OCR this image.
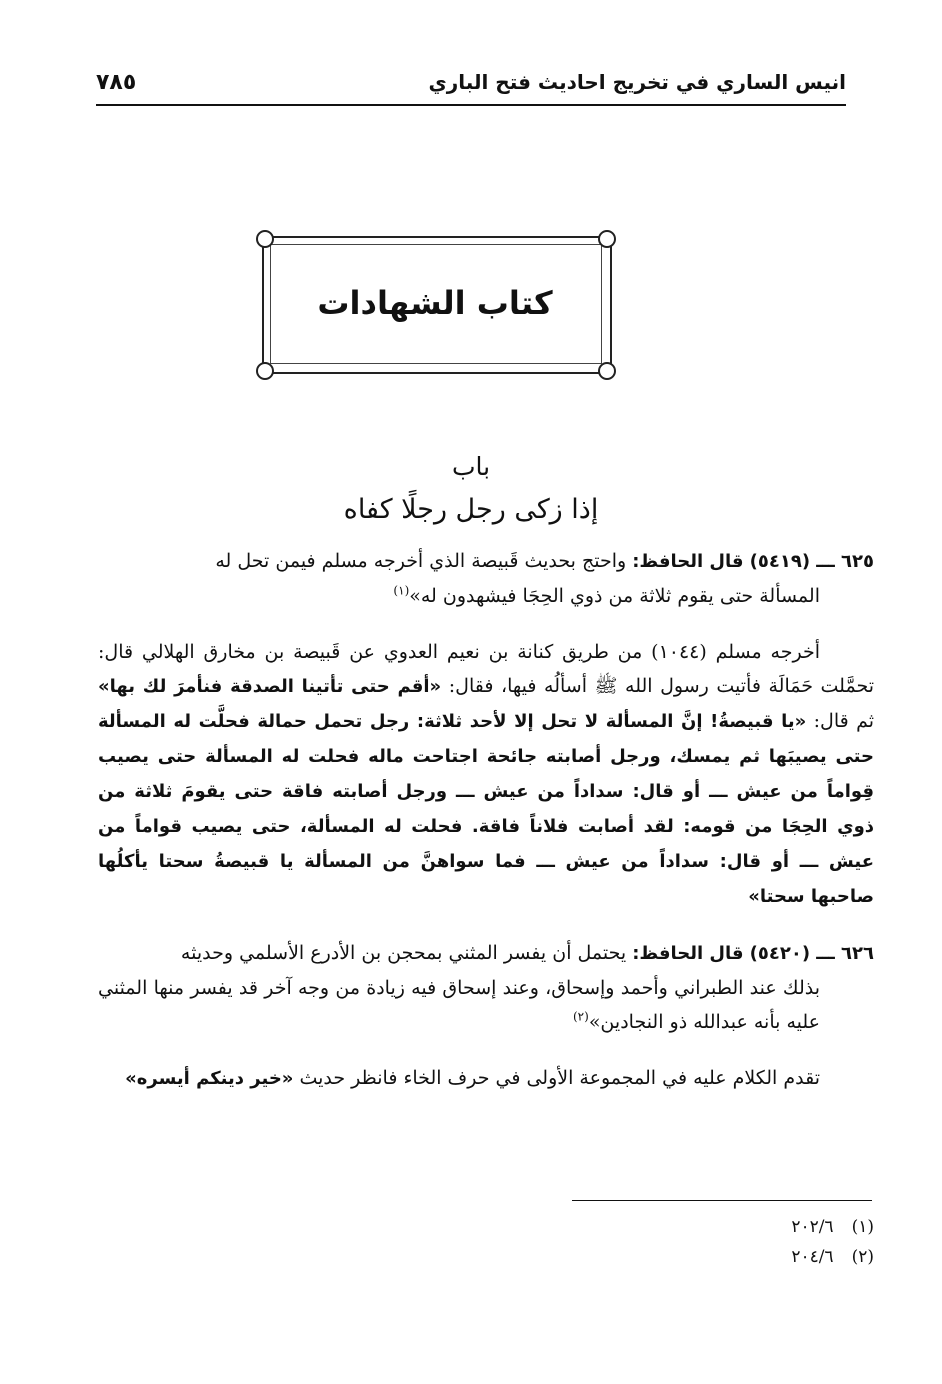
انيس الساري في تخريج احاديث فتح الباري
٧٨٥
كتاب الشهادات
باب
إذا زكى رجل رجلًا كفاه

٦٢٥ ـــ (٥٤١٩) قال الحافظ: واحتج بحديث قَبيصة الذي أخرجه مسلم فيمن تحل له
المسألة حتى يقوم ثلاثة من ذوي الحِجَا فيشهدون له»$^{(١)}$

أخرجه مسلم (١٠٤٤) من طريق كنانة بن نعيم العدوي عن قَبيصة بن مخارق الهلالي قال: تحمَّلت حَمَالَة فأتيت رسول الله ﷺ أسألُه فيها، فقال: «أقم حتى تأتينا الصدقة فنأمرَ لك بها» ثم قال: «يا قبيصةُ! إنَّ المسألة لا تحل إلا لأحد ثلاثة: رجل تحمل حمالة فحلَّت له المسألة حتى يصيبَها ثم يمسك، ورجل أصابته جائحة اجتاحت ماله فحلت له المسألة حتى يصيب قِواماً من عيش ـــ أو قال: سداداً من عيش ـــ ورجل أصابته فاقة حتى يقومَ ثلاثة من ذوي الحِجَا من قومه: لقد أصابت فلاناً فاقة. فحلت له المسألة، حتى يصيب قواماً من عيش ـــ أو قال: سداداً من عيش ـــ فما سواهنَّ من المسألة يا قبيصةُ سحتا يأكلُها صاحبها سحتا»

٦٢٦ ـــ (٥٤٢٠) قال الحافظ: يحتمل أن يفسر المثني بمحجن بن الأدرع الأسلمي وحديثه
بذلك عند الطبراني وأحمد وإسحاق، وعند إسحاق فيه زيادة من وجه آخر قد يفسر منها المثني عليه بأنه عبدالله ذو النجادين»$^{(٢)}$

تقدم الكلام عليه في المجموعة الأولى في حرف الخاء فانظر حديث «خير دينكم أيسره»

(١)
٢٠٢/٦
(٢)
٢٠٤/٦
